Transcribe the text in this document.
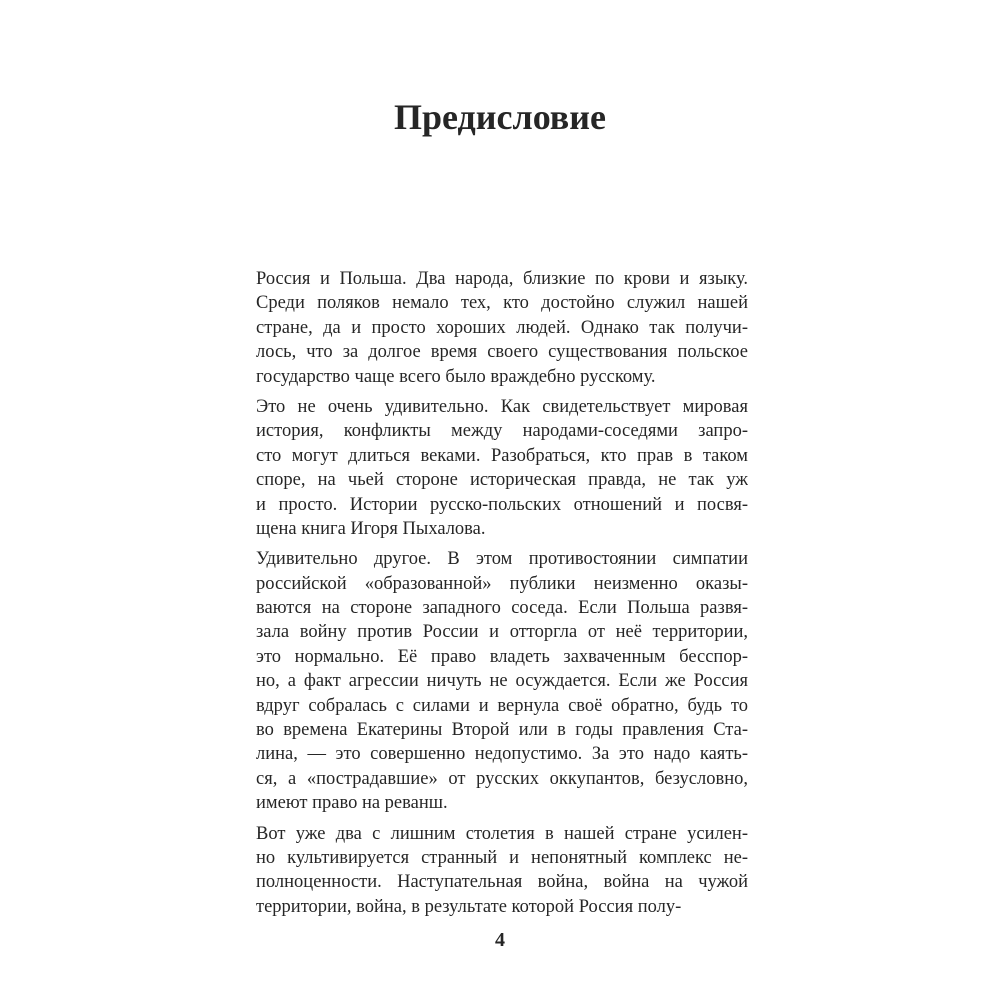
Предисловие
Россия и Польша. Два народа, близкие по крови и языку.
Среди поляков немало тех, кто достойно служил нашей
стране, да и просто хороших людей. Однако так получи-
лось, что за долгое время своего существования польское
государство чаще всего было враждебно русскому.
Это не очень удивительно. Как свидетельствует мировая
история, конфликты между народами-соседями запро-
сто могут длиться веками. Разобраться, кто прав в таком
споре, на чьей стороне историческая правда, не так уж
и просто. Истории русско-польских отношений и посвя-
щена книга Игоря Пыхалова.
Удивительно другое. В этом противостоянии симпатии
российской «образованной» публики неизменно оказы-
ваются на стороне западного соседа. Если Польша развя-
зала войну против России и отторгла от неё территории,
это нормально. Её право владеть захваченным бесспор-
но, а факт агрессии ничуть не осуждается. Если же Россия
вдруг собралась с силами и вернула своё обратно, будь то
во времена Екатерины Второй или в годы правления Ста-
лина, — это совершенно недопустимо. За это надо каять-
ся, а «пострадавшие» от русских оккупантов, безусловно,
имеют право на реванш.
Вот уже два с лишним столетия в нашей стране усилен-
но культивируется странный и непонятный комплекс не-
полноценности. Наступательная война, война на чужой
территории, война, в результате которой Россия полу-
4
